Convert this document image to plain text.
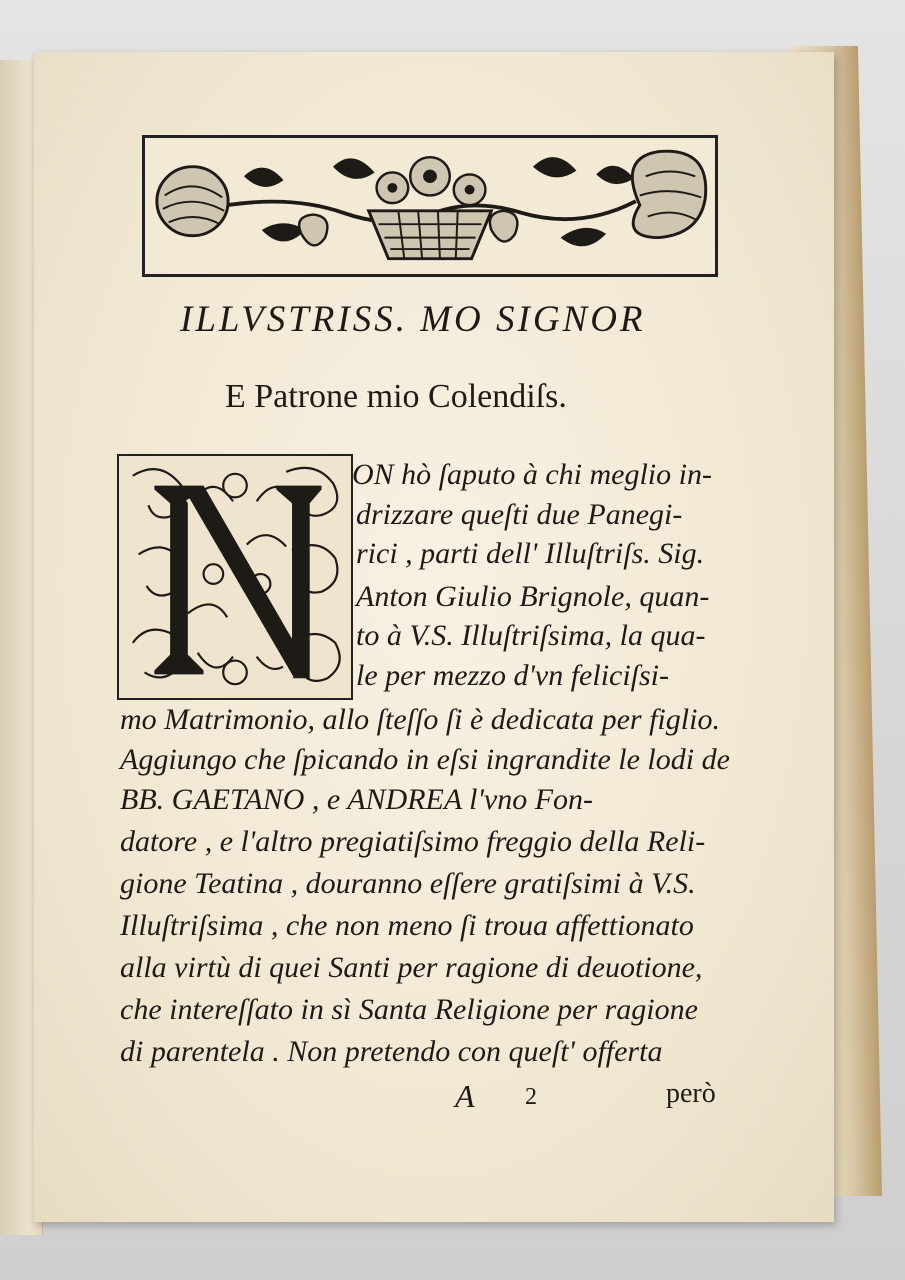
ILLVSTRISS. MO SIGNOR
E Patrone mio Colendiſs.
ON hò ſaputo à chi meglio in-
drizzare queſti due Panegi-
rici , parti dell' Illuſtriſs. Sig.
Anton Giulio Brignole, quan-
to à V.S. Illuſtriſsima, la qua-
le per mezzo d'vn feliciſsi-
mo Matrimonio, allo ſteſſo ſi è dedicata per figlio.
Aggiungo che ſpicando in eſsi ingrandite le lodi de
BB. GAETANO , e ANDREA l'vno Fon-
datore , e l'altro pregiatiſsimo freggio della Reli-
gione Teatina , douranno eſſere gratiſsimi à V.S.
Illuſtriſsima , che non meno ſi troua affettionato
alla virtù di quei Santi per ragione di deuotione,
che intereſſato in sì Santa Religione per ragione
di parentela . Non pretendo con queſt' offerta
A 2	però
